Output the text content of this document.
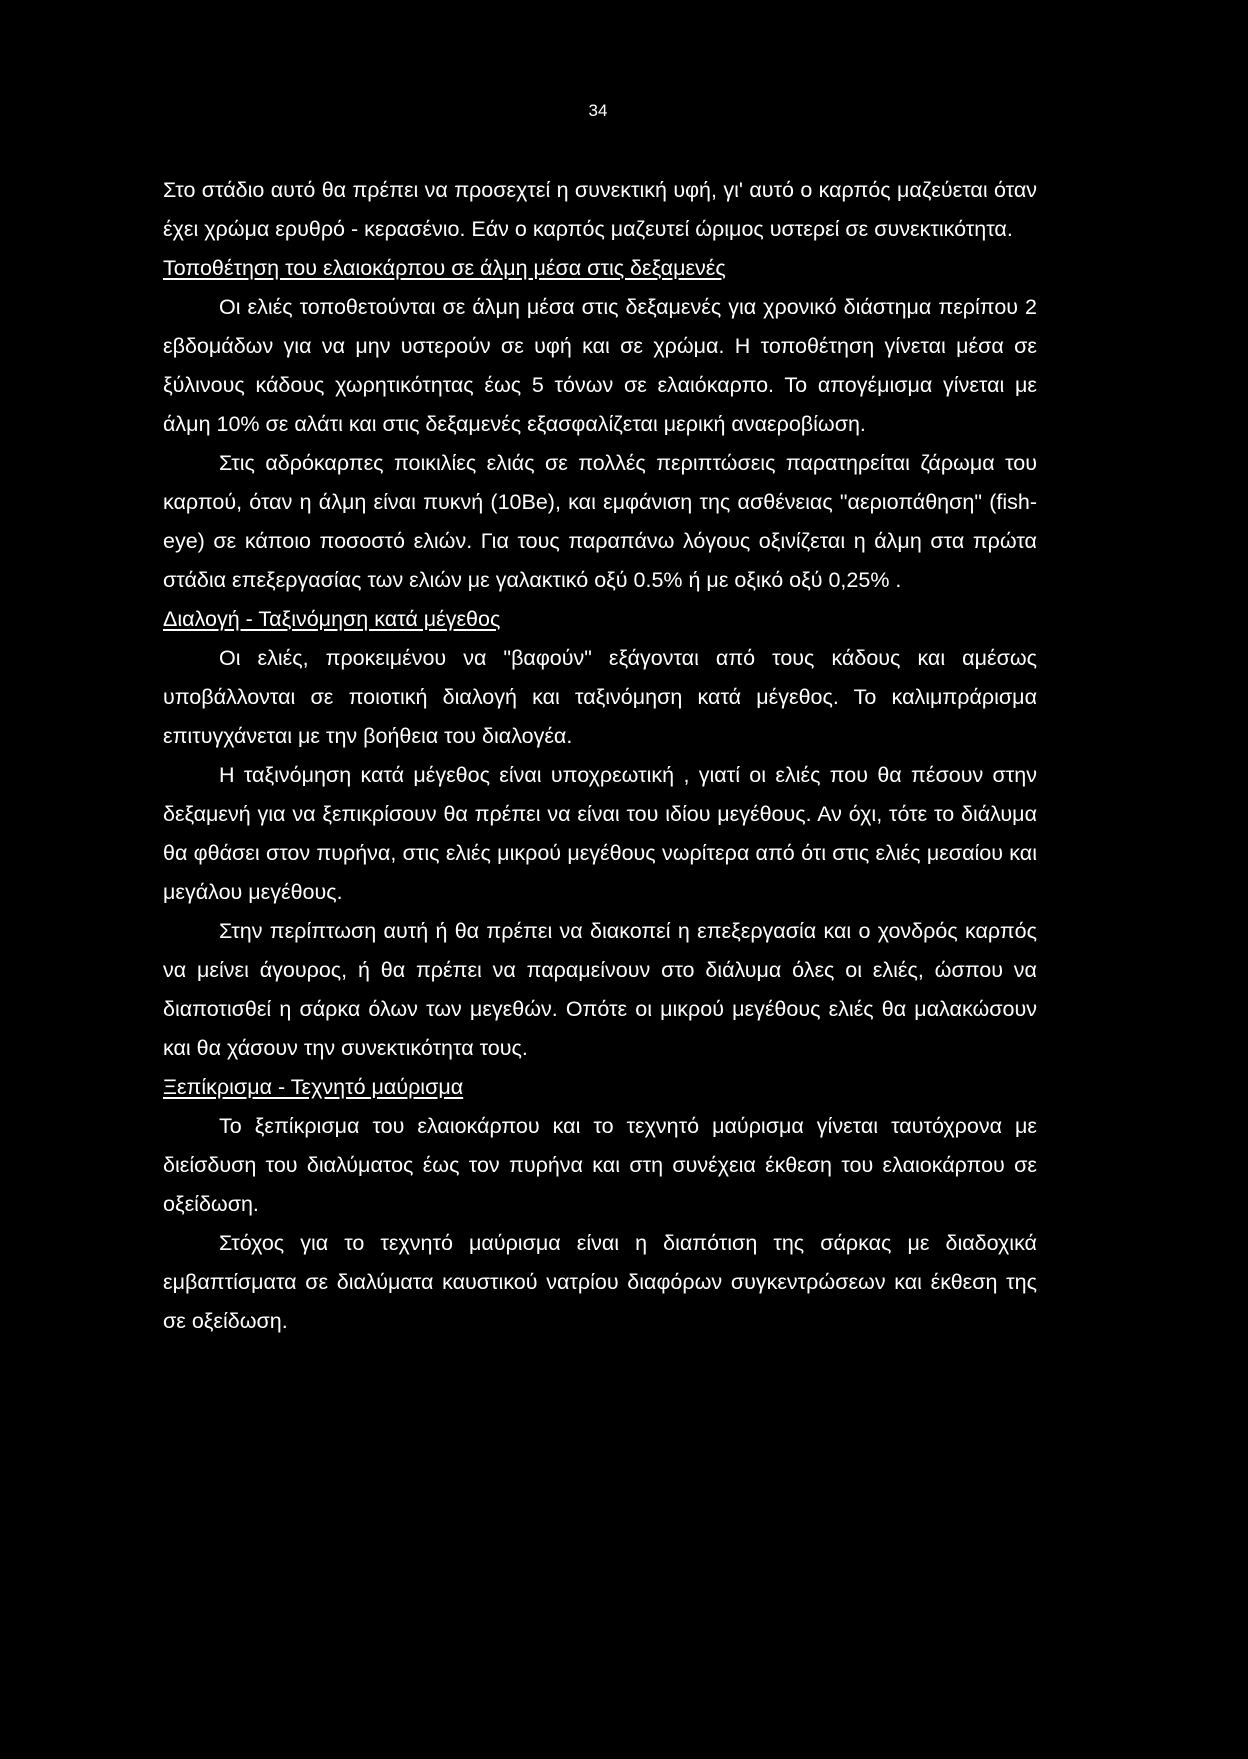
34

Στο στάδιο αυτό θα πρέπει να προσεχτεί η συνεκτική υφή, γι' αυτό ο καρπός μαζεύεται όταν έχει χρώμα ερυθρό - κερασένιο. Εάν ο καρπός μαζευτεί ώριμος υστερεί σε συνεκτικότητα.

Τοποθέτηση του ελαιοκάρπου σε άλμη μέσα στις δεξαμενές

Οι ελιές τοποθετούνται σε άλμη μέσα στις δεξαμενές για χρονικό διάστημα περίπου 2 εβδομάδων για να μην υστερούν σε υφή και σε χρώμα. Η τοποθέτηση γίνεται μέσα σε ξύλινους κάδους χωρητικότητας έως 5 τόνων σε ελαιόκαρπο. Το απογέμισμα γίνεται με άλμη 10% σε αλάτι και στις δεξαμενές εξασφαλίζεται μερική αναεροβίωση.

Στις αδρόκαρπες ποικιλίες ελιάς σε πολλές περιπτώσεις παρατηρείται ζάρωμα του καρπού, όταν η άλμη είναι πυκνή (10Be), και εμφάνιση της ασθένειας "αεριοπάθηση" (fish-eye) σε κάποιο ποσοστό ελιών. Για τους παραπάνω λόγους οξινίζεται η άλμη στα πρώτα στάδια επεξεργασίας των ελιών με γαλακτικό οξύ 0.5% ή με οξικό οξύ 0,25% .

Διαλογή - Ταξινόμηση κατά μέγεθος

Οι ελιές, προκειμένου να "βαφούν" εξάγονται από τους κάδους και αμέσως υποβάλλονται σε ποιοτική διαλογή και ταξινόμηση κατά μέγεθος. Το καλιμπράρισμα επιτυγχάνεται με την βοήθεια του διαλογέα.

Η ταξινόμηση κατά μέγεθος είναι υποχρεωτική , γιατί οι ελιές που θα πέσουν στην δεξαμενή για να ξεπικρίσουν θα πρέπει να είναι του ιδίου μεγέθους. Αν όχι, τότε το διάλυμα θα φθάσει στον πυρήνα, στις ελιές μικρού μεγέθους νωρίτερα από ότι στις ελιές μεσαίου και μεγάλου μεγέθους.

Στην περίπτωση αυτή ή θα πρέπει να διακοπεί η επεξεργασία και ο χονδρός καρπός να μείνει άγουρος, ή θα πρέπει να παραμείνουν στο διάλυμα όλες οι ελιές, ώσπου να διαποτισθεί η σάρκα όλων των μεγεθών. Οπότε οι μικρού μεγέθους ελιές θα μαλακώσουν και θα χάσουν την συνεκτικότητα τους.

Ξεπίκρισμα - Τεχνητό μαύρισμα

Το ξεπίκρισμα του ελαιοκάρπου και το τεχνητό μαύρισμα γίνεται ταυτόχρονα με διείσδυση του διαλύματος έως τον πυρήνα και στη συνέχεια έκθεση του ελαιοκάρπου σε οξείδωση.

Στόχος για το τεχνητό μαύρισμα είναι η διαπότιση της σάρκας με διαδοχικά εμβαπτίσματα σε διαλύματα καυστικού νατρίου διαφόρων συγκεντρώσεων και έκθεση της σε οξείδωση.
